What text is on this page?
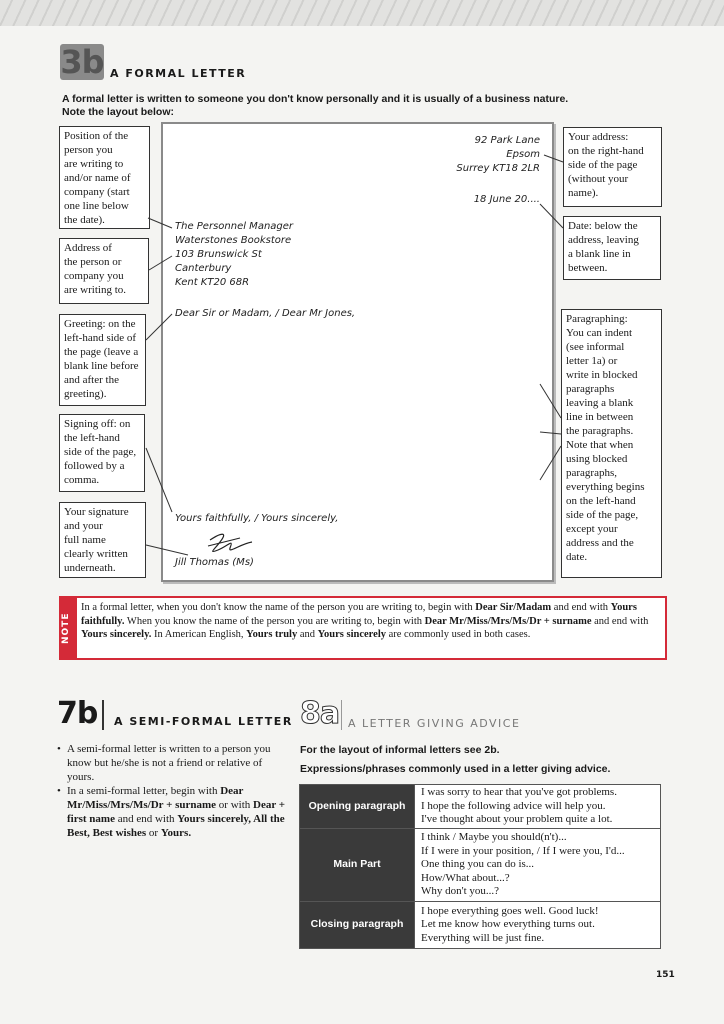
3b A FORMAL LETTER
A formal letter is written to someone you don't know personally and it is usually of a business nature.
Note the layout below:
92 Park Lane
Epsom
Surrey KT18 2LR
18 June 20....
The Personnel Manager
Waterstones Bookstore
103 Brunswick St
Canterbury
Kent KT20 68R
Dear Sir or Madam, / Dear Mr Jones,
Yours faithfully, / Yours sincerely,
Jill Thomas (Ms)
Position of the
person you
are writing to
and/or name of
company (start
one line below
the date).
Address of
the person or
company you
are writing to.
Greeting: on the
left-hand side of
the page (leave a
blank line before
and after the
greeting).
Signing off: on
the left-hand
side of the page,
followed by a
comma.
Your signature
and your
full name
clearly written
underneath.
Your address:
on the right-hand
side of the page
(without your
name).
Date: below the
address, leaving
a blank line in
between.
Paragraphing:
You can indent
(see informal
letter 1a) or
write in blocked
paragraphs
leaving a blank
line in between
the paragraphs.
Note that when
using blocked
paragraphs,
everything begins
on the left-hand
side of the page,
except your
address and the
date.
NOTE
In a formal letter, when you don't know the name of the person you are writing to, begin with Dear Sir/Madam and end with Yours faithfully. When you know the name of the person you are writing to, begin with Dear Mr/Miss/Mrs/Ms/Dr + surname and end with Yours sincerely. In American English, Yours truly and Yours sincerely are commonly used in both cases.
7b A SEMI-FORMAL LETTER
• A semi-formal letter is written to a person you know but he/she is not a friend or relative of yours.
• In a semi-formal letter, begin with Dear Mr/Miss/Mrs/Ms/Dr + surname or with Dear + first name and end with Yours sincerely, All the Best, Best wishes or Yours.
8a A LETTER GIVING ADVICE
For the layout of informal letters see 2b.
Expressions/phrases commonly used in a letter giving advice.
Opening paragraph	I was sorry to hear that you've got problems.
I hope the following advice will help you.
I've thought about your problem quite a lot.

Main Part	I think / Maybe you should(n't)...
If I were in your position, / If I were you, I'd...
One thing you can do is...
How/What about...?
Why don't you...?

Closing paragraph	I hope everything goes well. Good luck!
Let me know how everything turns out.
Everything will be just fine.
151
